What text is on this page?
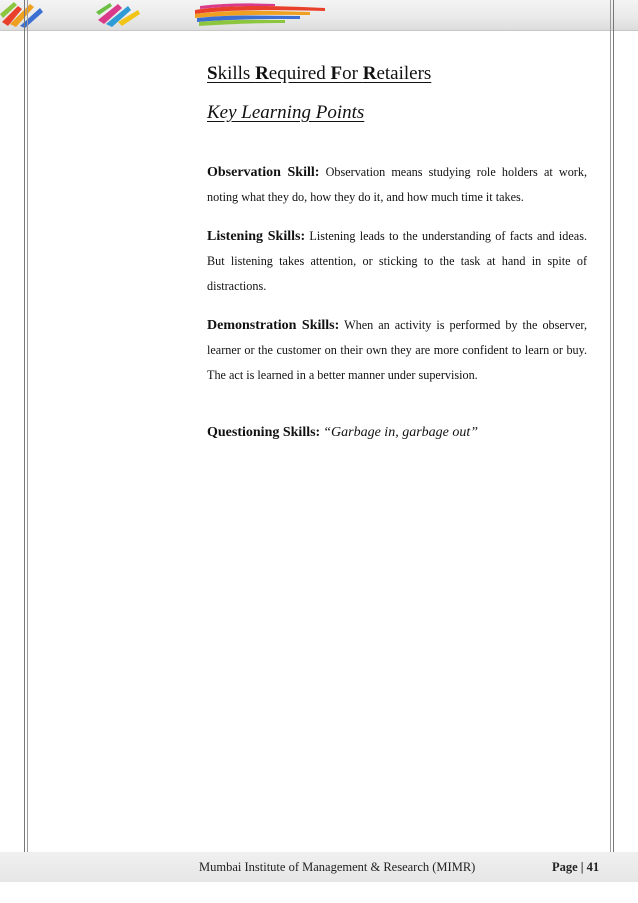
Skills Required For Retailers
Key Learning Points

Observation Skill: Observation means studying role holders at work, noting what they do, how they do it, and how much time it takes.

Listening Skills: Listening leads to the understanding of facts and ideas. But listening takes attention, or sticking to the task at hand in spite of distractions.

Demonstration Skills: When an activity is performed by the observer, learner or the customer on their own they are more confident to learn or buy. The act is learned in a better manner under supervision.

Questioning Skills: “Garbage in, garbage out”

Mumbai Institute of Management & Research (MIMR)	Page | 41
